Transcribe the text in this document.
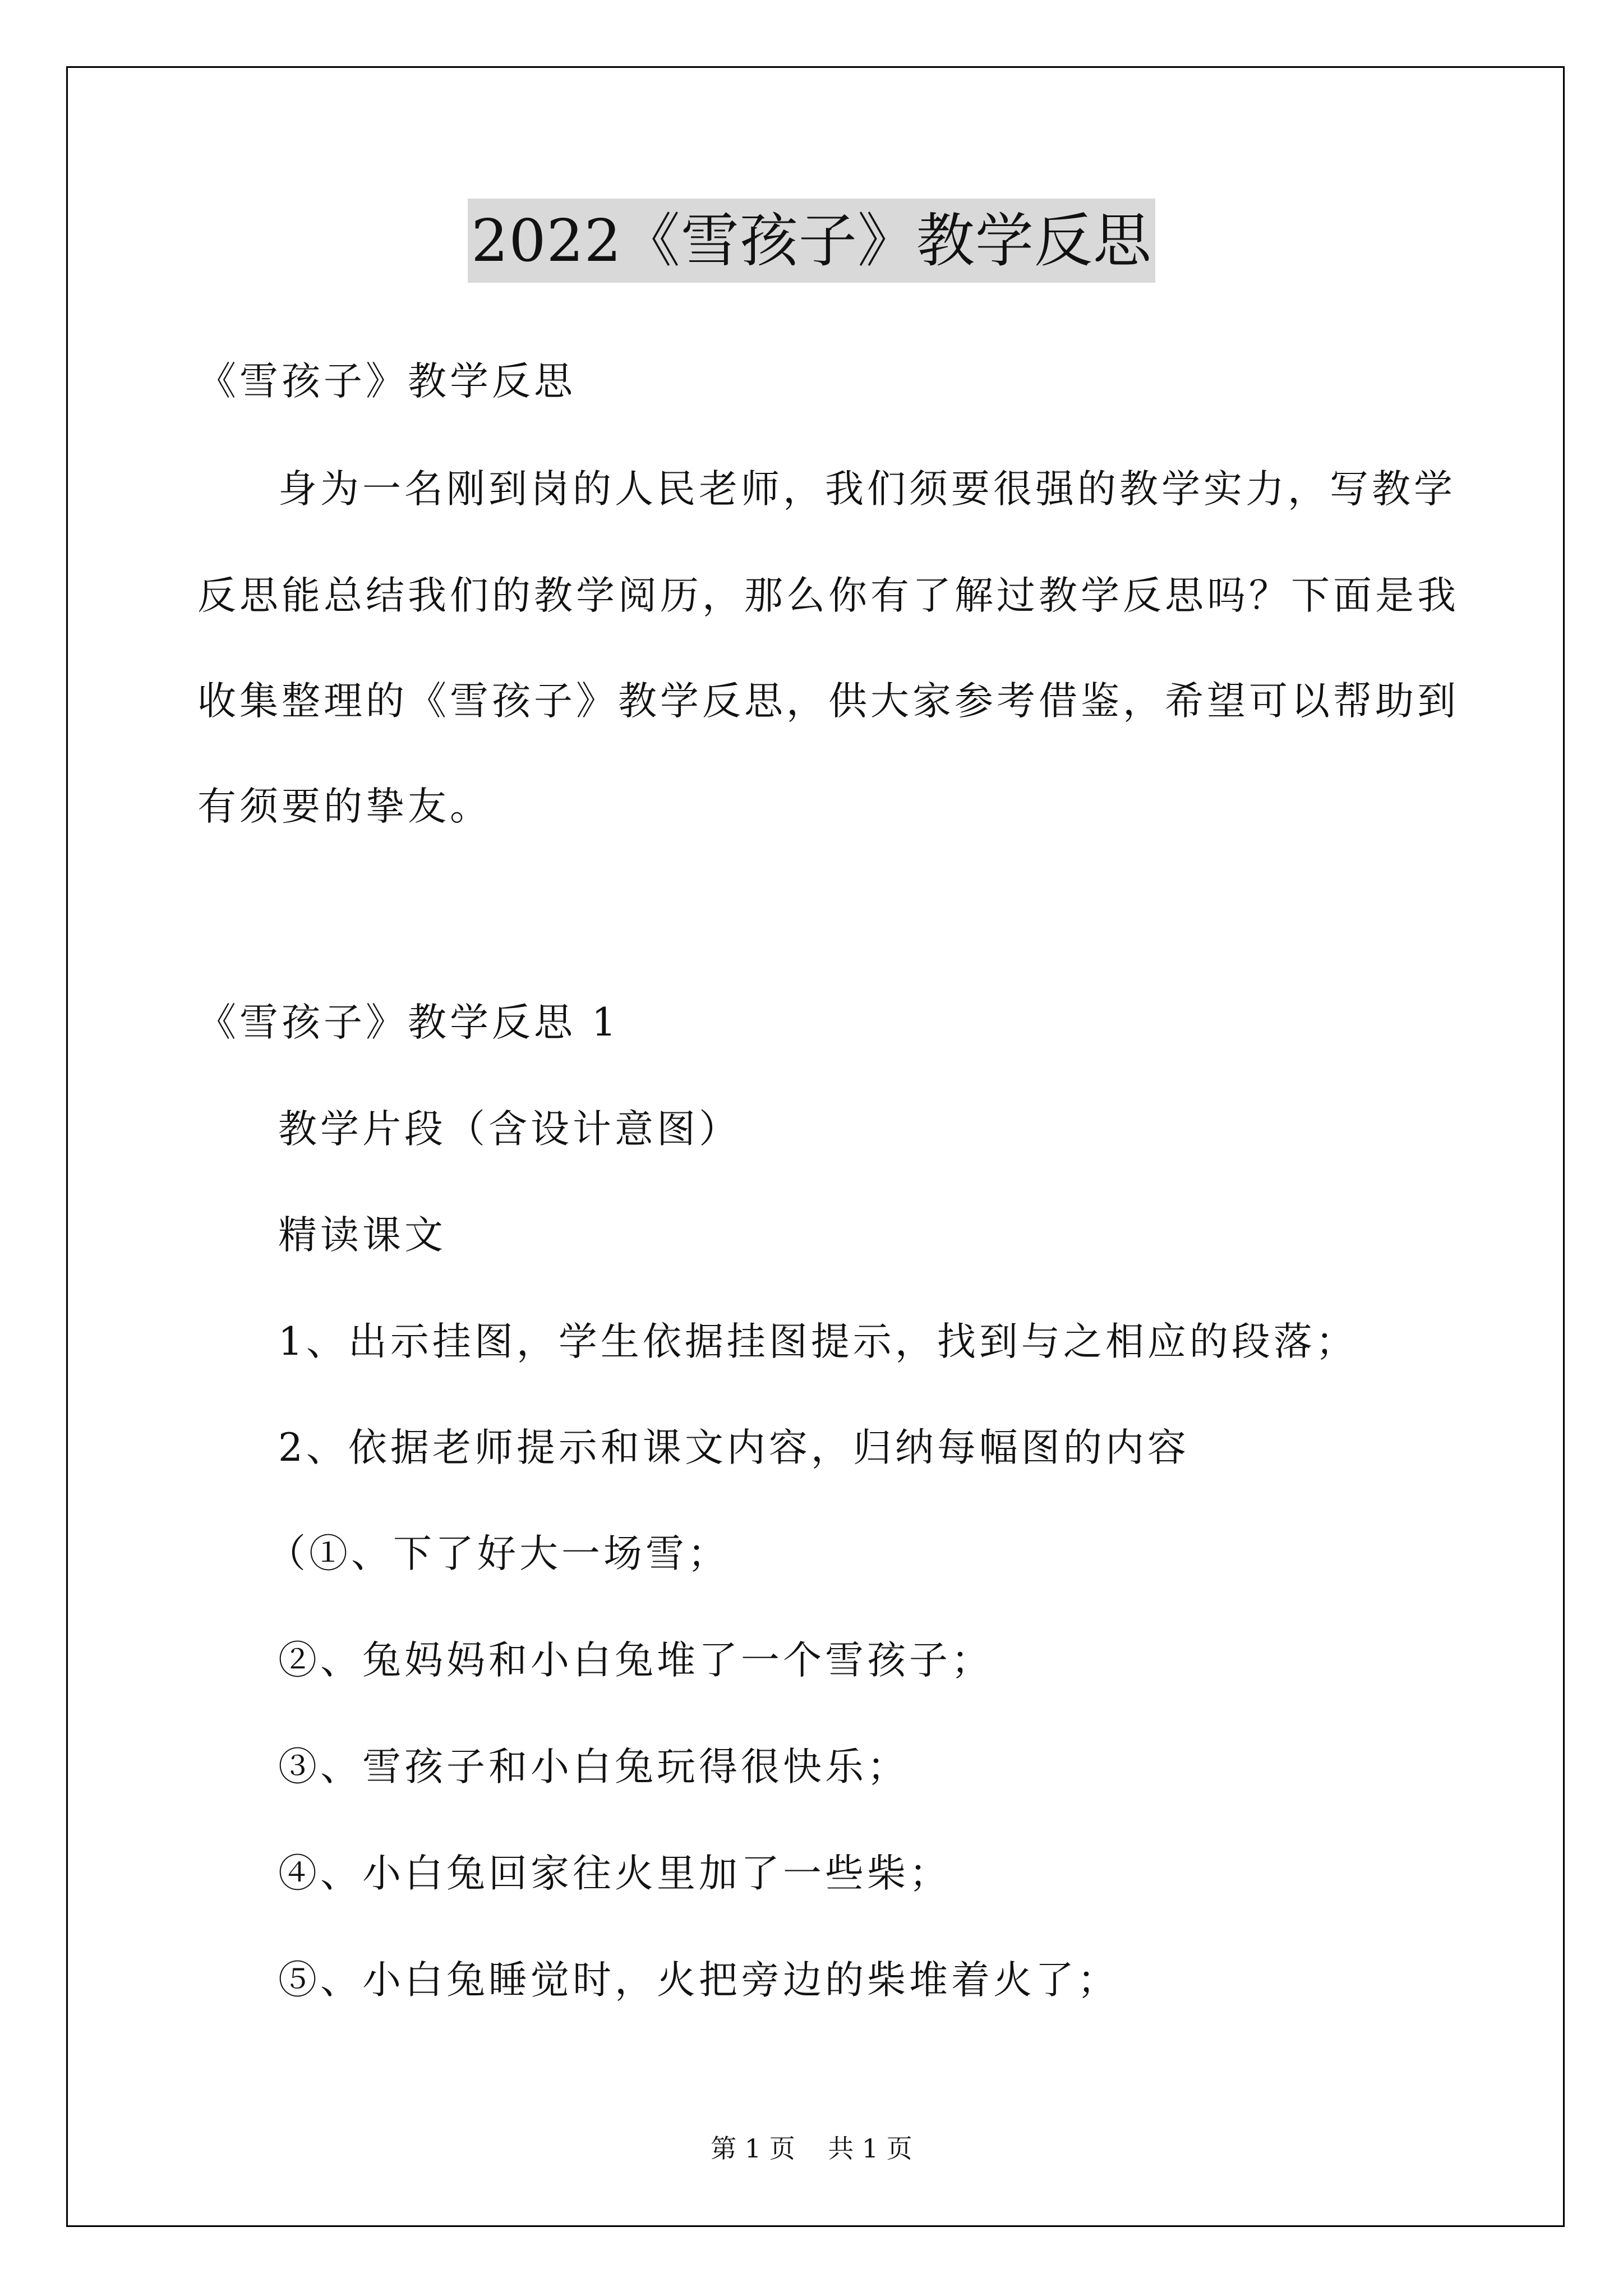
2022《雪孩子》教学反思
《雪孩子》教学反思
身为一名刚到岗的人民老师，我们须要很强的教学实力，写教学
反思能总结我们的教学阅历，那么你有了解过教学反思吗？下面是我
收集整理的《雪孩子》教学反思，供大家参考借鉴，希望可以帮助到
有须要的挚友。
《雪孩子》教学反思 1
教学片段（含设计意图）
精读课文
1、出示挂图，学生依据挂图提示，找到与之相应的段落；
2、依据老师提示和课文内容，归纳每幅图的内容
（①、下了好大一场雪；
②、兔妈妈和小白兔堆了一个雪孩子；
③、雪孩子和小白兔玩得很快乐；
④、小白兔回家往火里加了一些柴；
⑤、小白兔睡觉时，火把旁边的柴堆着火了；
第 1 页    共 1 页
